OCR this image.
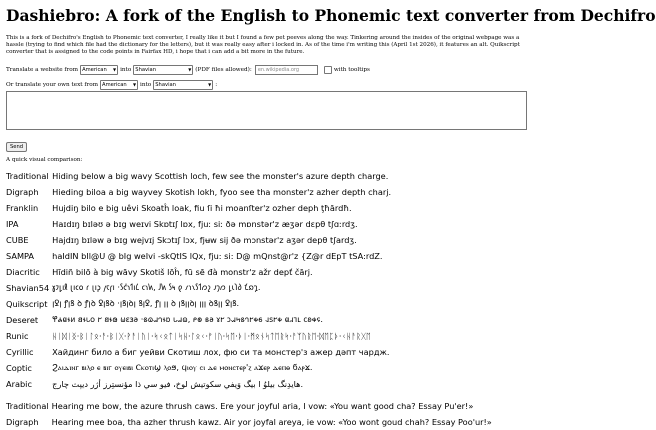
Dashiebro: A fork of the English to Phonemic text converter from Dechifro

This is a fork of Dechifro's English to Phonemic text converter, I really like it but I found a few pet peeves along the way. Tinkering around the insides of the original webpage was a hassle (trying to find which file had the dictionary for the letters), but it was really easy after i locked in. As of the time i'm writing this (April 1st 2026), it features an alt. Quikscript converter that is assigned to the code points in Fairfax HD, i hope that i can add a bit more in the future.

Translate a website from American ▼ into Shavian	▼ (PDF files allowed):	en.wikipedia.org	with tooltips
Or translate your own text from American ▼ into Shavian	▼ :
Send
A quick visual comparison:
Traditional	Hiding below a big wavy Scottish loch, few see the monster's azure depth charge.
Digraph	Hieding biloa a big wayvey Skotish lokh, fyoo see tha monster'z azher depth charj.
Franklin	Hujdiŋ bilo e big uêvi Skoatĥ loak, fiu ſi ħi moanſter'z ozher deph ţħārdħ.
IPA	Haɪdɪŋ bɪləʊ ə bɪg weɪvi Skɒtɪʃ lɒx, fjuː siː ðə mɒnstər'z æʒər dɛpθ tʃɑːrdʒ.
CUBE	Hajdɪŋ bɪləw ə bɪg wejvɪj Skɔtɪʃ lɔx, fjʉw sij ðə mɔnstər'z aʒər depθ tʃardʒ.
SAMPA	haIdIN bIl@U @ bIg weIvi -skQtIS lQx, fju: si: D@ mQnst@r'z {Z@r dEpT tSA:rdZ.
Diacritic	Hīdiñ bilō à big wāvy Skotiš lōĥ, fū sē đà monstr'z ažr depť čārj.
Shavian54	𐑣𐑲𐑛𐑦𐑙 𐑚𐑦𐑤𐑴 𐑩 𐑚𐑦𐑜 𐑢𐑱𐑝𐑦 ·𐑕𐑒𐑪𐑑𐑦𐑖 𐑤𐑪𐑿, 𐑓𐑿 𐑕𐑰 𐑞 𐑥𐑪𐑯𐑕𐑑𐑼𐑟 𐑨𐑠𐑼 𐑛𐑧𐑐𐑔 𐑗𐑸𐑡.
Quikscript	ꞁꝿꞁ ꝭꞁꝸ ꝺ ꝭꞁꝺ ꝿꞁꝸꝺ ·ꞁꝸꞁꝺꞁ ꝸꞁꝿ, ꝭꞁ ꞁꞁ ꝺ ꞁꝸꞁꞁꝺꞁ ꞁꞁꞁ ꝺꝸꞁꞁ ꝿꞁꝸ.
Deseret	𐐐𐐴𐐼𐐮𐑍 𐐺𐐮𐑊𐐬 𐐲 𐐺𐐮𐑀 𐐶𐐩𐑂𐐨 ·𐑅𐐿𐐱𐐻𐐮𐑇 𐑊𐐱𐐿, 𐑁𐑏 𐑅𐐨 𐑄𐐲 𐑋𐐱𐑌𐑅𐐻𐐲𐑉𐑆 𐐰𐑈𐐲𐑉 𐐼𐐯𐐹𐑃 𐐽𐐪𐑉𐐾.
Runic	ᚺᛁᛞᛁᛝ·ᛒᛁᛚᛟ·ᚨ·ᛒᛁᚷ·ᚹᚨᛁᚢᛁ·ᛋᚲᛟᛏᛁᛋᚺ·ᛚᛟᚲ·ᚠᛁᚢ·ᛋᛖ·ᚦᛁ·ᛗᛟᚾᛋᛏᛖᚱᛋ·ᚨᛉᚢᚱᛖ·ᛞᛖᛈᚦ·ᚲᚺᚨᚱᚷᛖ
Cyrillic	Хайдинг било а биг уейви Скотиш лох, фю си та монстер'з ажер дəпт чардж.
Coptic	Ϩⲁⲓⲇⲓⲛⲅ ⲃⲓⲗⲟ ⲉ ⲃⲓⲅ ⲟⲩⲉⲓⲃⲓ Ⲥⲕⲟⲧⲓϣ ⲗⲟϧ, ϥⲓⲟⲩ ⲥⲓ ⲇⲉ ⲙⲟⲛⲥⲧⲉⲣ'ⲍ ⲁϫⲉⲣ ⲇⲉⲡⲑ ϭⲁⲣϫ.
Arabic	هايدِنگ بيلوُ ا بيگ وَيفي سكوتيش لوخ، فيو سي ذا مؤنستِرز أژر ديپث چارج.
Traditional	Hearing me bow, the azure thrush caws. Ere your joyful aria, I vow: «You want good cha? Essay Pu'er!»
Digraph	Hearing mee boa, tha azher thrush kawz. Air yor joyfal areya, ie vow: «Yoo wont goud chah? Essay Poo'ur!»
